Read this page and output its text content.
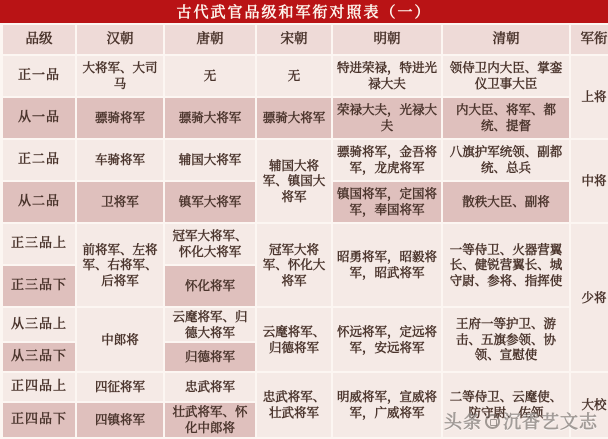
古代武官品级和军衔对照表（一）
品级	汉朝	唐朝	宋朝	明朝	清朝	军衔
正一品	大将军、大司马	无	无	特进荣禄，特进光禄大夫	领侍卫内大臣、掌銮仪卫事大臣	上将
从一品	骠骑将军	骠骑大将军	骠骑大将军	荣禄大夫，光禄大夫	内大臣、将军、都统、提督	
正二品	车骑将军	辅国大将军	辅国大将军、镇国大将军	骠骑将军，金吾将军，龙虎将军	八旗护军统领、副都统、总兵	中将
从二品	卫将军	镇军大将军		镇国将军，定国将军，奉国将军	散秩大臣、副将	
正三品上	前将军、左将军、右将军、后将军	冠军大将军、怀化大将军	冠军大将军、怀化大将军	昭勇将军，昭毅将军，昭武将军	一等侍卫、火器营翼长、健锐营翼长、城守尉、参将、指挥使	少将
正三品下		怀化将军				
从三品上	中郎将	云麾将军、归德大将军	云麾将军、归德将军	怀远将军，定远将军，安远将军	王府一等护卫、游击、五旗参领、协领、宣慰使	
从三品下		归德将军				
正四品上	四征将军	忠武将军	忠武将军、壮武将军	明威将军，宣威将军，广威将军	二等侍卫、云麾使、防守尉、佐领	大校
正四品下	四镇将军	壮武将军、怀化中郎将					头条 沉香艺文志
